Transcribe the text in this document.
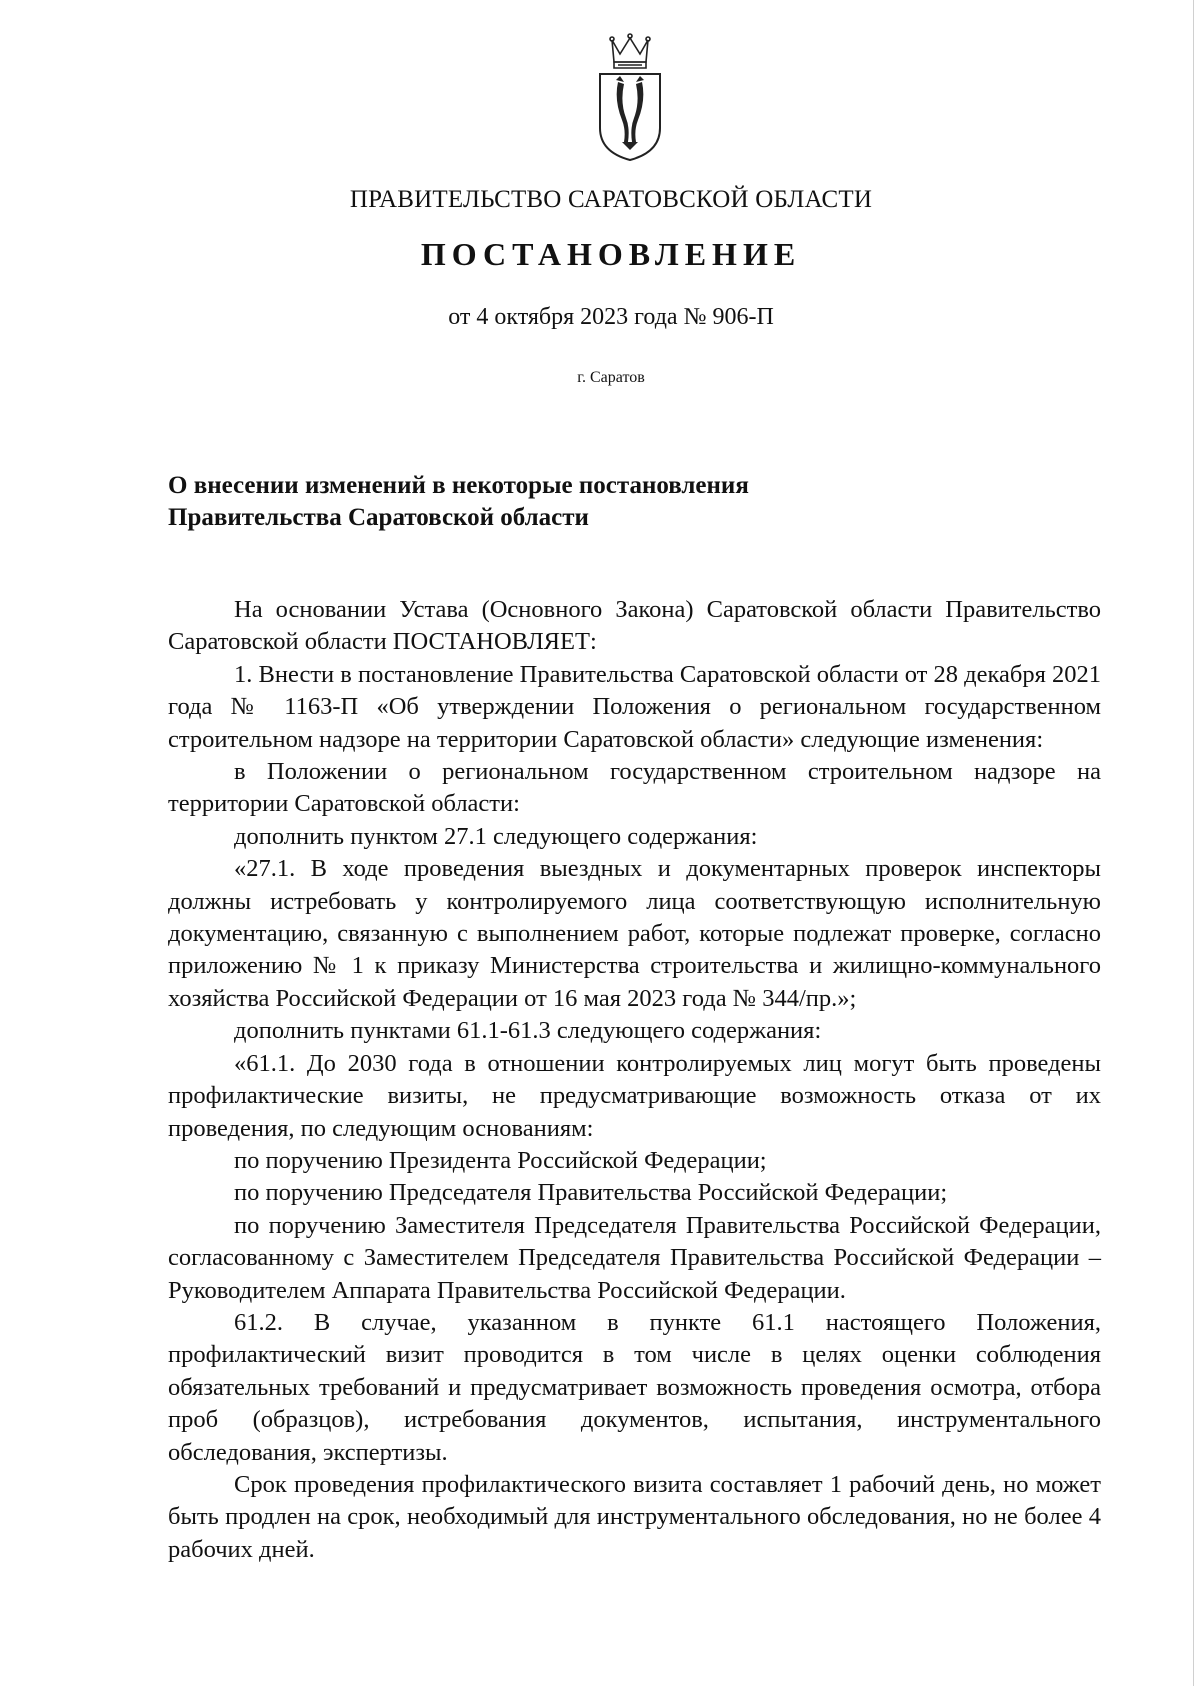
ПРАВИТЕЛЬСТВО САРАТОВСКОЙ ОБЛАСТИ
ПОСТАНОВЛЕНИЕ
от 4 октября 2023 года № 906-П
г. Саратов
О внесении изменений в некоторые постановления
Правительства Саратовской области

На основании Устава (Основного Закона) Саратовской области Правительство Саратовской области ПОСТАНОВЛЯЕТ:

1. Внести в постановление Правительства Саратовской области от 28 декабря 2021 года № 1163-П «Об утверждении Положения о региональном государственном строительном надзоре на территории Саратовской области» следующие изменения:

в Положении о региональном государственном строительном надзоре на территории Саратовской области:

дополнить пунктом 27.1 следующего содержания:

«27.1. В ходе проведения выездных и документарных проверок инспекторы должны истребовать у контролируемого лица соответствующую исполнительную документацию, связанную с выполнением работ, которые подлежат проверке, согласно приложению № 1 к приказу Министерства строительства и жилищно-коммунального хозяйства Российской Федерации от 16 мая 2023 года № 344/пр.»;

дополнить пунктами 61.1-61.3 следующего содержания:

«61.1. До 2030 года в отношении контролируемых лиц могут быть проведены профилактические визиты, не предусматривающие возможность отказа от их проведения, по следующим основаниям:

по поручению Президента Российской Федерации;

по поручению Председателя Правительства Российской Федерации;

по поручению Заместителя Председателя Правительства Российской Федерации, согласованному с Заместителем Председателя Правительства Российской Федерации – Руководителем Аппарата Правительства Российской Федерации.

61.2. В случае, указанном в пункте 61.1 настоящего Положения, профилактический визит проводится в том числе в целях оценки соблюдения обязательных требований и предусматривает возможность проведения осмотра, отбора проб (образцов), истребования документов, испытания, инструментального обследования, экспертизы.

Срок проведения профилактического визита составляет 1 рабочий день, но может быть продлен на срок, необходимый для инструментального обследования, но не более 4 рабочих дней.
